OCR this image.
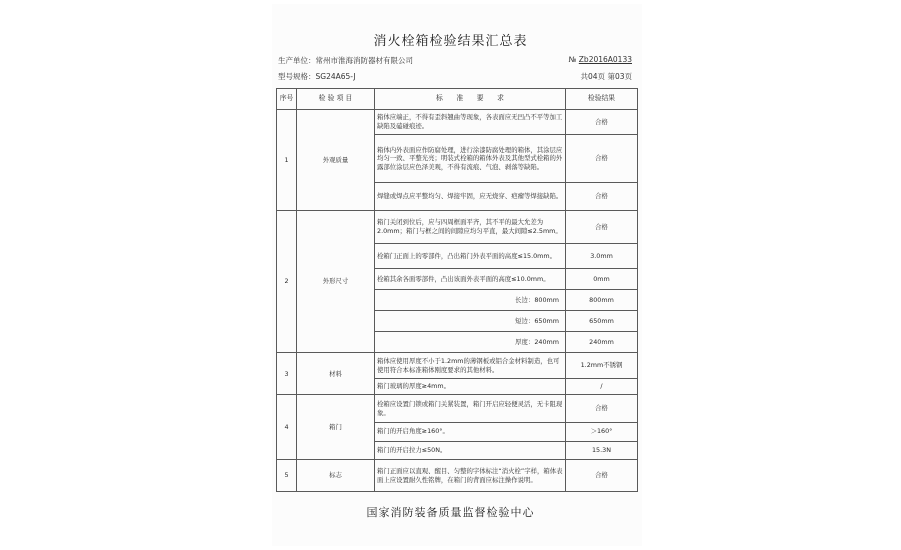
消火栓箱检验结果汇总表
生产单位：常州市淮海消防器材有限公司	№ Zb2016A0133
型号规格：SG24A65-J	共04页 第03页
序号	检 验 项 目	标　　准　　要　　求	检验结果
1	外观质量	箱体应端正，不得有歪斜翘曲等现象，各表面应无凹凸不平等加工缺陷及磕碰痕迹。	合格
		箱体内外表面应作防腐处理，进行涂漆防腐处理的箱体，其涂层应均匀一致、平整光亮；明装式栓箱的箱体外表及其他型式栓箱的外露部位涂层应色泽美观，不得有流痕、气泡、剥落等缺陷。	合格
		焊缝或焊点应平整均匀、焊接牢固，应无烧穿、疤瘤等焊接缺陷。	合格
2	外形尺寸	箱门关闭到位后，应与四周框面平齐，其不平的最大允差为2.0mm；箱门与框之间的间隙应均匀平直，最大间隙≤2.5mm。	合格
		栓箱门正面上的零部件，凸出箱门外表平面的高度≤15.0mm。	3.0mm
		栓箱其余各面零部件，凸出该面外表平面的高度≤10.0mm。	0mm
		长边：800mm	800mm
		短边：650mm	650mm
		厚度：240mm	240mm
3	材料	箱体应使用厚度不小于1.2mm的薄钢板或铝合金材料制造，也可使用符合本标准箱体刚度要求的其他材料。	1.2mm不锈钢
		箱门玻璃的厚度≥4mm。	/
4	箱门	栓箱应设置门锁或箱门关紧装置，箱门开启应轻便灵活，无卡阻现象。	合格
		箱门的开启角度≥160°。	＞160°
		箱门的开启拉力≤50N。	15.3N
5	标志	箱门正面应以直观、醒目、匀整的字体标注“消火栓”字样，箱体表面上应设置耐久性铭牌，在箱门的背面应标注操作说明。	合格
国家消防装备质量监督检验中心
